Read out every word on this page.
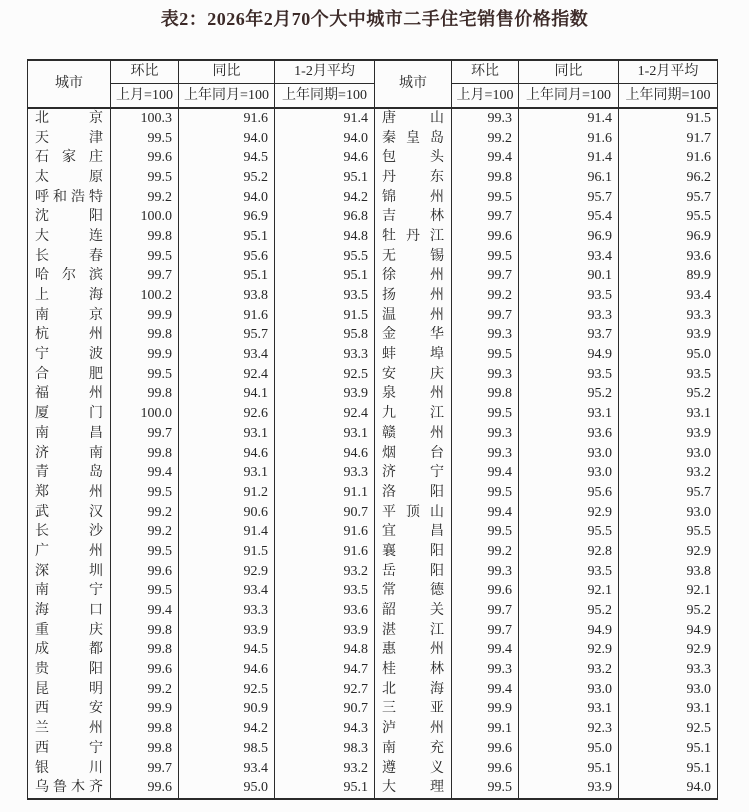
表2：2026年2月70个大中城市二手住宅销售价格指数
城市	环比	同比	1-2月平均	城市	环比	同比	1-2月平均
	上月=100	上年同月=100	上年同期=100		上月=100	上年同月=100	上年同期=100
北京	100.3	91.6	91.4	唐山	99.3	91.4	91.5
天津	99.5	94.0	94.0	秦皇岛	99.2	91.6	91.7
石家庄	99.6	94.5	94.6	包头	99.4	91.4	91.6
太原	99.5	95.2	95.1	丹东	99.8	96.1	96.2
呼和浩特	99.2	94.0	94.2	锦州	99.5	95.7	95.7
沈阳	100.0	96.9	96.8	吉林	99.7	95.4	95.5
大连	99.8	95.1	94.8	牡丹江	99.6	96.9	96.9
长春	99.5	95.6	95.5	无锡	99.5	93.4	93.6
哈尔滨	99.7	95.1	95.1	徐州	99.7	90.1	89.9
上海	100.2	93.8	93.5	扬州	99.2	93.5	93.4
南京	99.9	91.6	91.5	温州	99.7	93.3	93.3
杭州	99.8	95.7	95.8	金华	99.3	93.7	93.9
宁波	99.9	93.4	93.3	蚌埠	99.5	94.9	95.0
合肥	99.5	92.4	92.5	安庆	99.3	93.5	93.5
福州	99.8	94.1	93.9	泉州	99.8	95.2	95.2
厦门	100.0	92.6	92.4	九江	99.5	93.1	93.1
南昌	99.7	93.1	93.1	赣州	99.3	93.6	93.9
济南	99.8	94.6	94.6	烟台	99.3	93.0	93.0
青岛	99.4	93.1	93.3	济宁	99.4	93.0	93.2
郑州	99.5	91.2	91.1	洛阳	99.5	95.6	95.7
武汉	99.2	90.6	90.7	平顶山	99.4	92.9	93.0
长沙	99.2	91.4	91.6	宜昌	99.5	95.5	95.5
广州	99.5	91.5	91.6	襄阳	99.2	92.8	92.9
深圳	99.6	92.9	93.2	岳阳	99.3	93.5	93.8
南宁	99.5	93.4	93.5	常德	99.6	92.1	92.1
海口	99.4	93.3	93.6	韶关	99.7	95.2	95.2
重庆	99.8	93.9	93.9	湛江	99.7	94.9	94.9
成都	99.8	94.5	94.8	惠州	99.4	92.9	92.9
贵阳	99.6	94.6	94.7	桂林	99.3	93.2	93.3
昆明	99.2	92.5	92.7	北海	99.4	93.0	93.0
西安	99.9	90.9	90.7	三亚	99.9	93.1	93.1
兰州	99.8	94.2	94.3	泸州	99.1	92.3	92.5
西宁	99.8	98.5	98.3	南充	99.6	95.0	95.1
银川	99.7	93.4	93.2	遵义	99.6	95.1	95.1
乌鲁木齐	99.6	95.0	95.1	大理	99.5	93.9	94.0
